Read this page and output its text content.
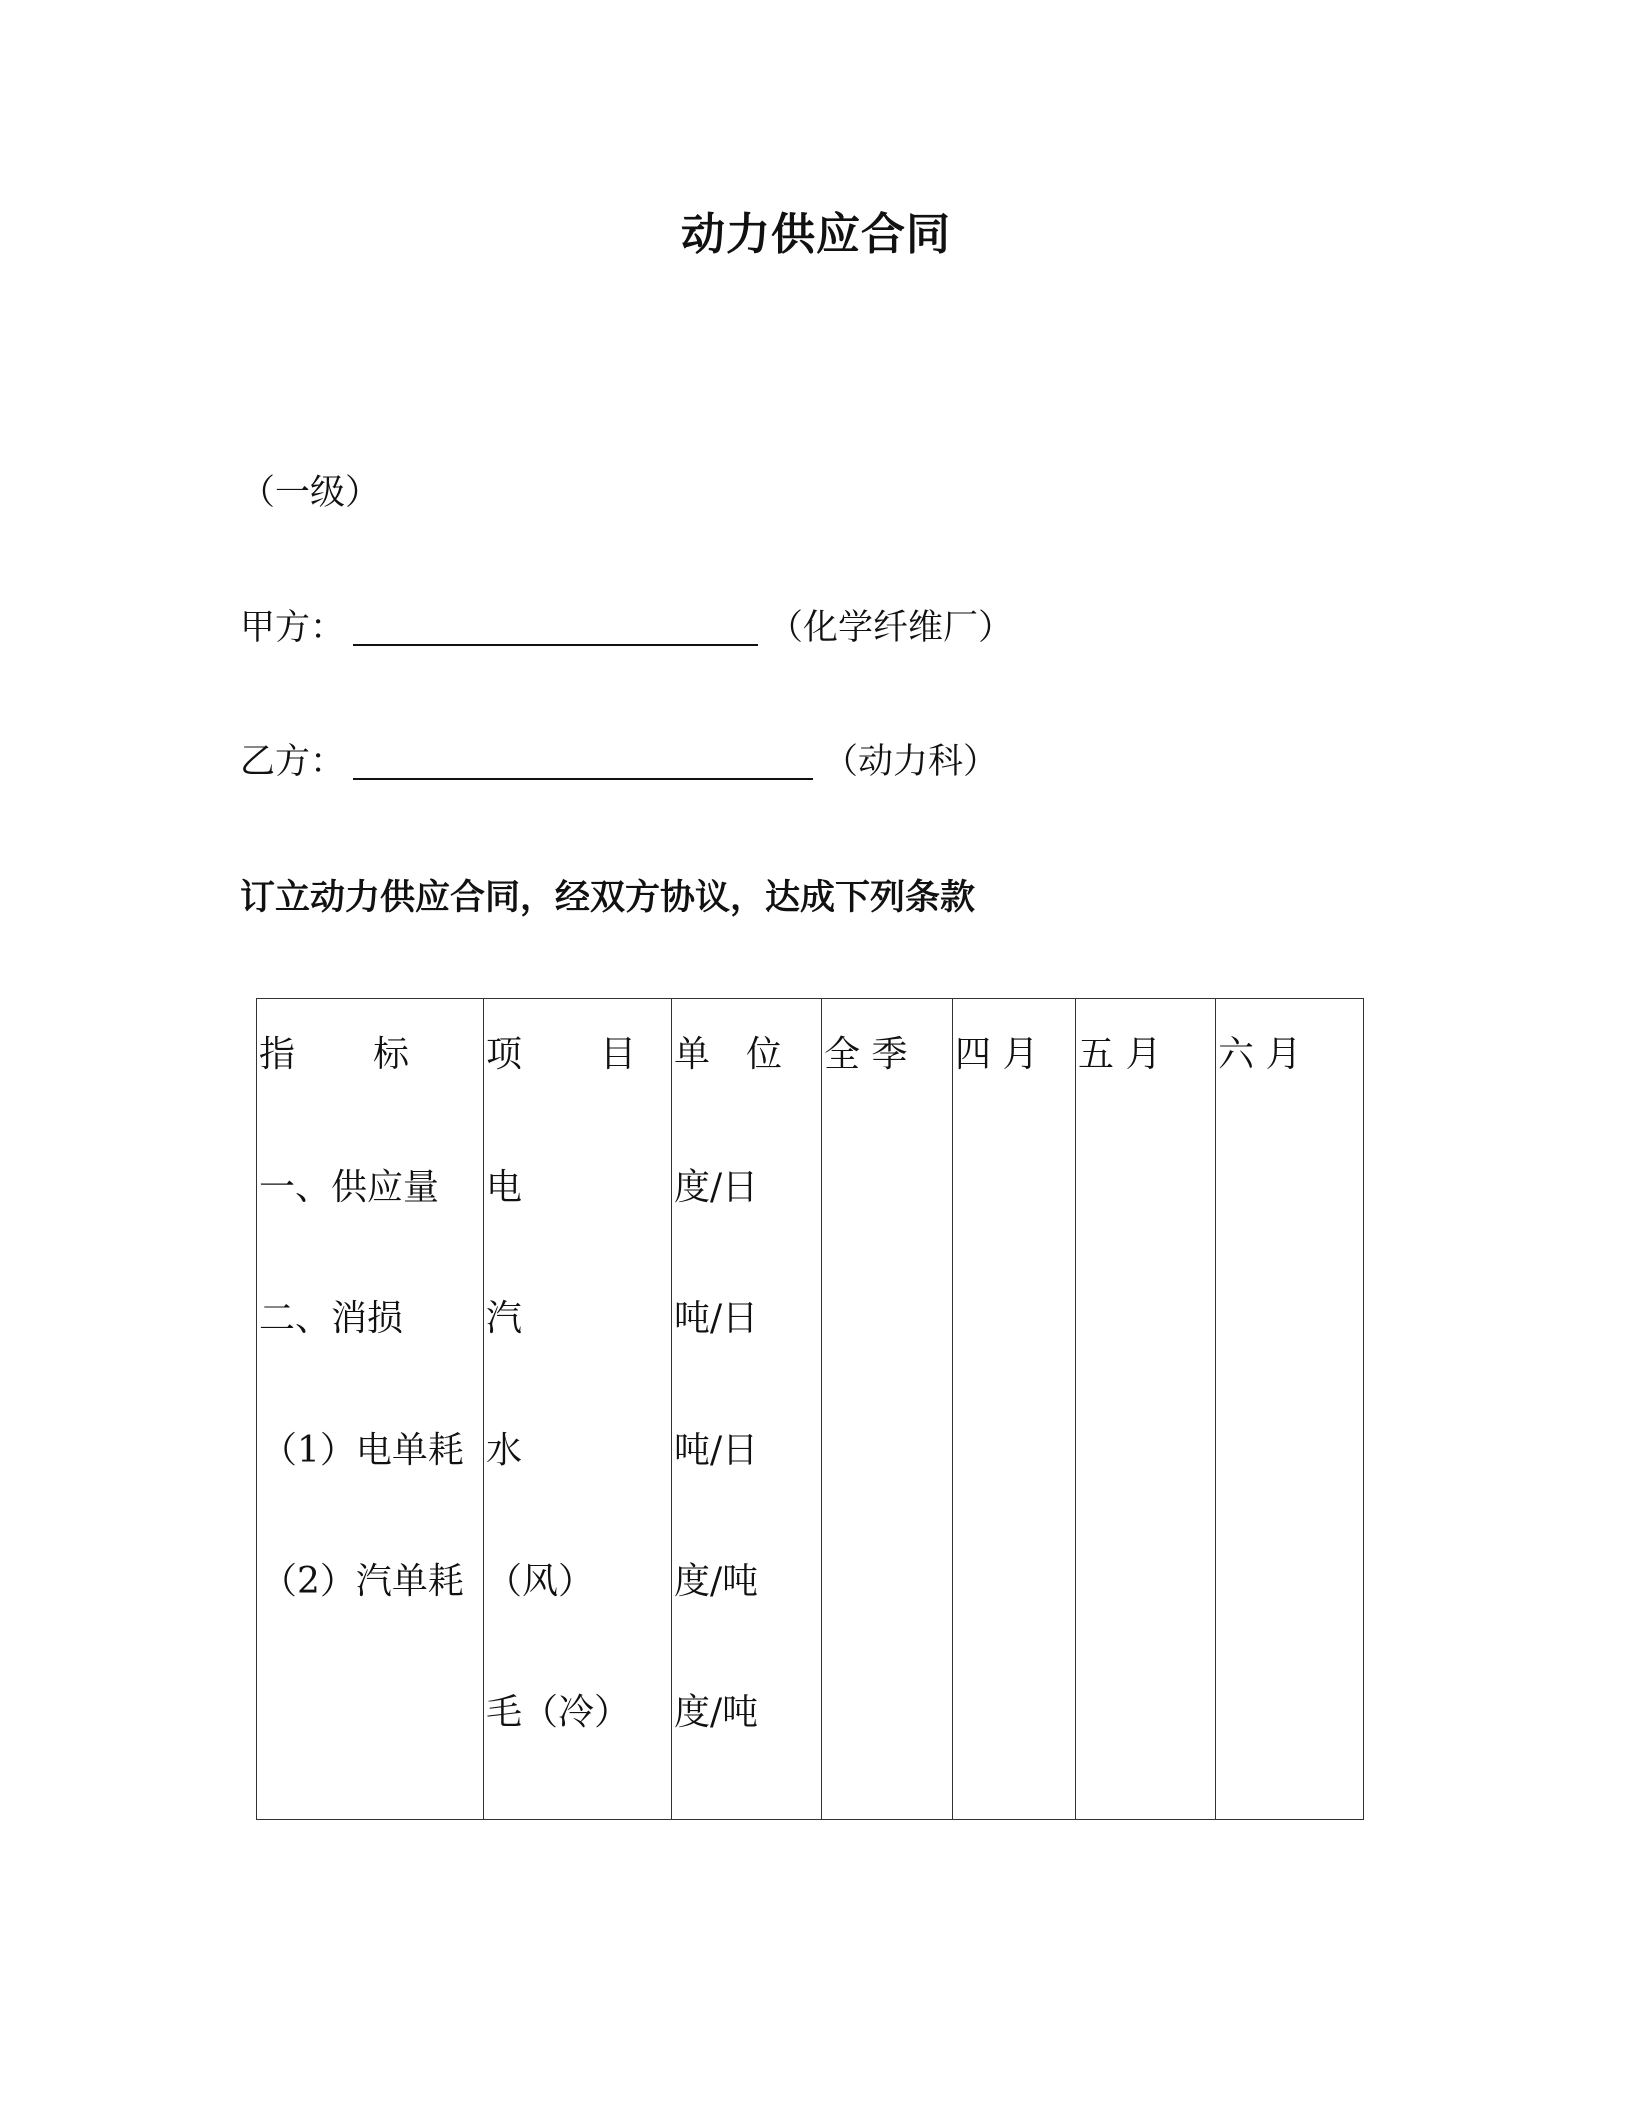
动力供应合同
（一级）
甲方：	（化学纤维厂）
乙方：	（动力科）
订立动力供应合同，经双方协议，达成下列条款
指 标
一、供应量
二、消损
（1）电单耗
（2）汽单耗
项 目
电
汽
水
（风）
毛（冷）
单　位
度/日
吨/日
吨/日
度/吨
度/吨
全 季 四 月 五 月 六 月
